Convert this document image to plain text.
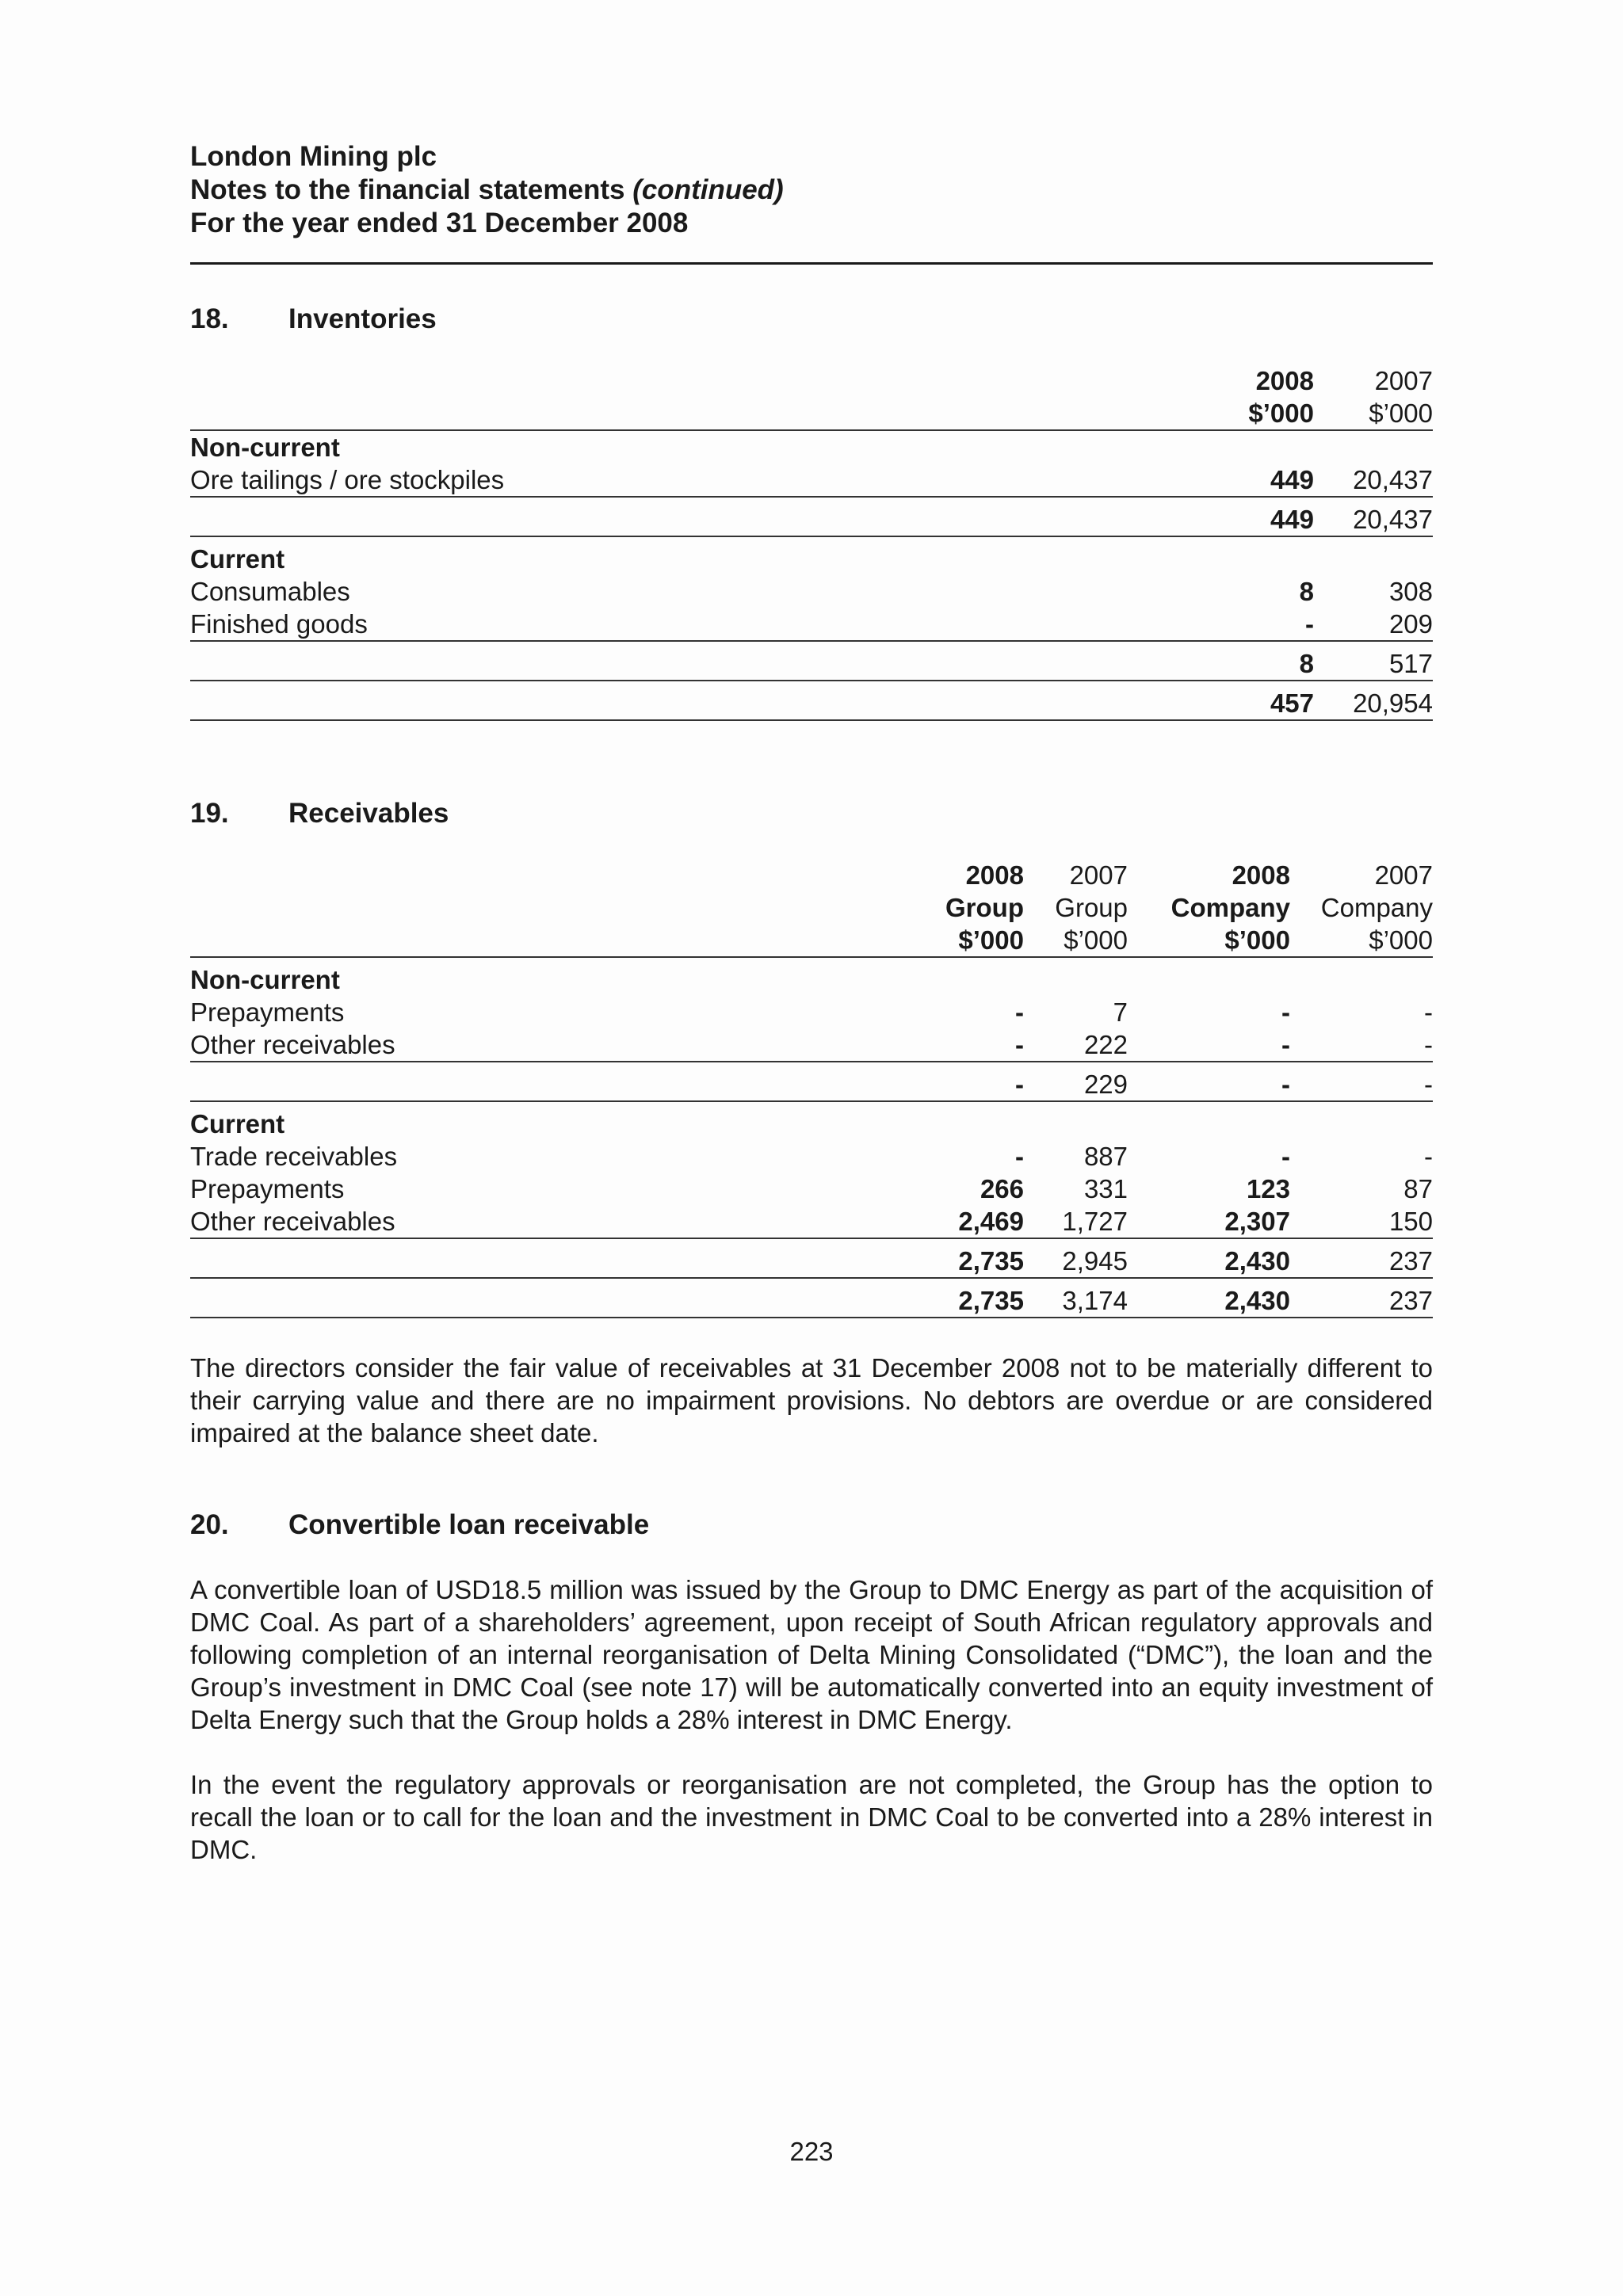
London Mining plc
Notes to the financial statements (continued)
For the year ended 31 December 2008
18. Inventories
	2008	2007
	$’000	$’000
Non-current		
Ore tailings / ore stockpiles	449	20,437
	449	20,437
Current		
Consumables	8	308
Finished goods	-	209
	8	517
	457	20,954

19. Receivables
	2008	2007	2008	2007
	Group	Group	Company	Company
	$’000	$’000	$’000	$’000
Non-current				
Prepayments	-	7	-	-
Other receivables	-	222	-	-
	-	229	-	-
Current				
Trade receivables	-	887	-	-
Prepayments	266	331	123	87
Other receivables	2,469	1,727	2,307	150
	2,735	2,945	2,430	237
	2,735	3,174	2,430	237

The directors consider the fair value of receivables at 31 December 2008 not to be materially different to their carrying value and there are no impairment provisions. No debtors are overdue or are considered impaired at the balance sheet date.

20. Convertible loan receivable

A convertible loan of USD18.5 million was issued by the Group to DMC Energy as part of the acquisition of DMC Coal. As part of a shareholders’ agreement, upon receipt of South African regulatory approvals and following completion of an internal reorganisation of Delta Mining Consolidated (“DMC”), the loan and the Group’s investment in DMC Coal (see note 17) will be automatically converted into an equity investment of Delta Energy such that the Group holds a 28% interest in DMC Energy.

In the event the regulatory approvals or reorganisation are not completed, the Group has the option to recall the loan or to call for the loan and the investment in DMC Coal to be converted into a 28% interest in DMC.

223
